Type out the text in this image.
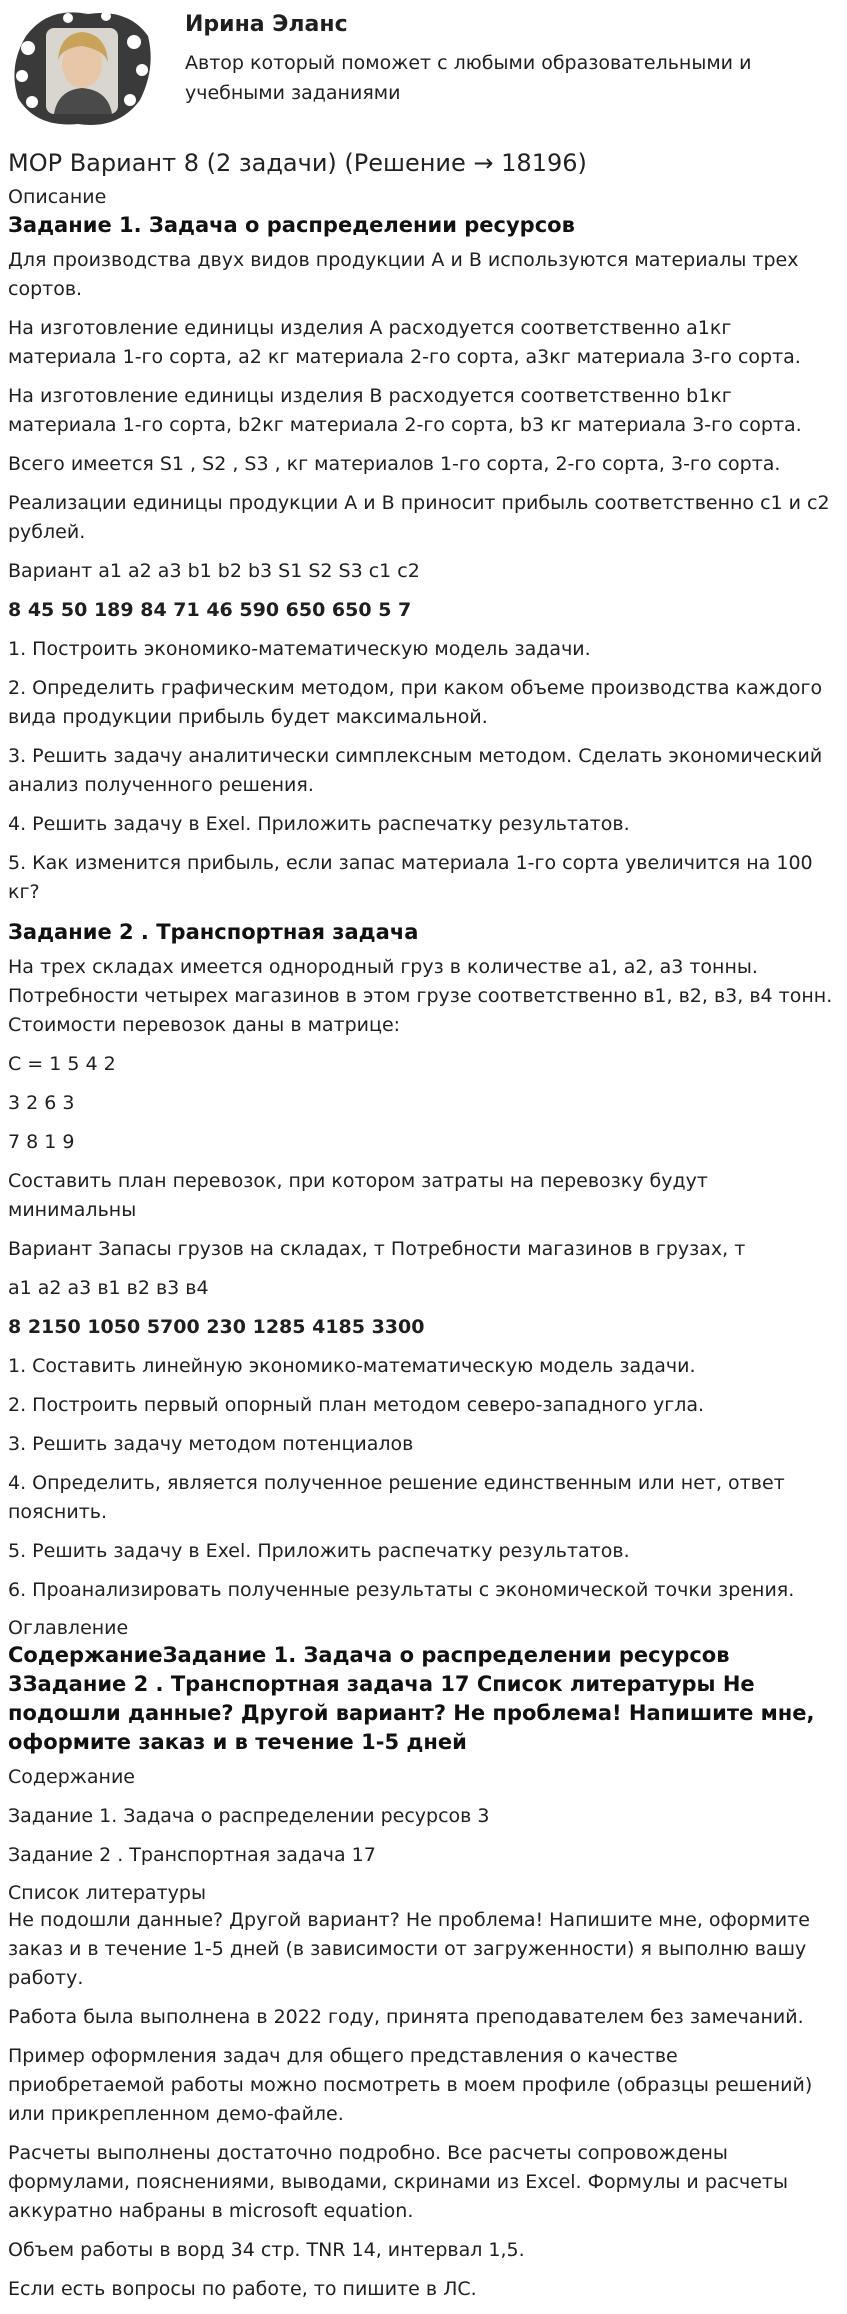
Ирина Эланс

Автор который поможет с любыми образовательными и учебными заданиями

МОР Вариант 8 (2 задачи) (Решение → 18196)

Описание

Задание 1. Задача о распределении ресурсов

Для производства двух видов продукции А и В используются материалы трех сортов.

На изготовление единицы изделия А расходуется соответственно а1кг материала 1-го сорта, а2 кг материала 2-го сорта, а3кг материала 3-го сорта.

На изготовление единицы изделия В расходуется соответственно b1кг материала 1-го сорта, b2кг материала 2-го сорта, b3 кг материала 3-го сорта.

Всего имеется S1 , S2 , S3 , кг материалов 1-го сорта, 2-го сорта, 3-го сорта.

Реализации единицы продукции А и В приносит прибыль соответственно с1 и с2 рублей.

Вариант a1 a2 a3 b1 b2 b3 S1 S2 S3 c1 c2

8 45 50 189 84 71 46 590 650 650 5 7

1. Построить экономико-математическую модель задачи.

2. Определить графическим методом, при каком объеме производства каждого вида продукции прибыль будет максимальной.

3. Решить задачу аналитически симплексным методом. Сделать экономический анализ полученного решения.

4. Решить задачу в Exel. Приложить распечатку результатов.

5. Как изменится прибыль, если запас материала 1-го сорта увеличится на 100 кг?

Задание 2 . Транспортная задача

На трех складах имеется однородный груз в количестве а1, а2, а3 тонны. Потребности четырех магазинов в этом грузе соответственно в1, в2, в3, в4 тонн. Стоимости перевозок даны в матрице:

С = 1 5 4 2

3 2 6 3

7 8 1 9

Составить план перевозок, при котором затраты на перевозку будут минимальны

Вариант Запасы грузов на складах, т Потребности магазинов в грузах, т

а1 а2 а3 в1 в2 в3 в4

8 2150 1050 5700 230 1285 4185 3300

1. Составить линейную экономико-математическую модель задачи.

2. Построить первый опорный план методом северо-западного угла.

3. Решить задачу методом потенциалов

4. Определить, является полученное решение единственным или нет, ответ пояснить.

5. Решить задачу в Exel. Приложить распечатку результатов.

6. Проанализировать полученные результаты с экономической точки зрения.

Оглавление

СодержаниеЗадание 1. Задача о распределении ресурсов 3Задание 2 . Транспортная задача 17 Список литературы Не подошли данные? Другой вариант? Не проблема! Напишите мне, оформите заказ и в течение 1-5 дней

Содержание

Задание 1. Задача о распределении ресурсов 3

Задание 2 . Транспортная задача 17

Список литературы

Не подошли данные? Другой вариант? Не проблема! Напишите мне, оформите заказ и в течение 1-5 дней (в зависимости от загруженности) я выполню вашу работу.

Работа была выполнена в 2022 году, принята преподавателем без замечаний.

Пример оформления задач для общего представления о качестве приобретаемой работы можно посмотреть в моем профиле (образцы решений) или прикрепленном демо-файле.

Расчеты выполнены достаточно подробно. Все расчеты сопровождены формулами, пояснениями, выводами, скринами из Excel. Формулы и расчеты аккуратно набраны в microsoft equation.

Объем работы в ворд 34 стр. TNR 14, интервал 1,5.

Если есть вопросы по работе, то пишите в ЛС.
